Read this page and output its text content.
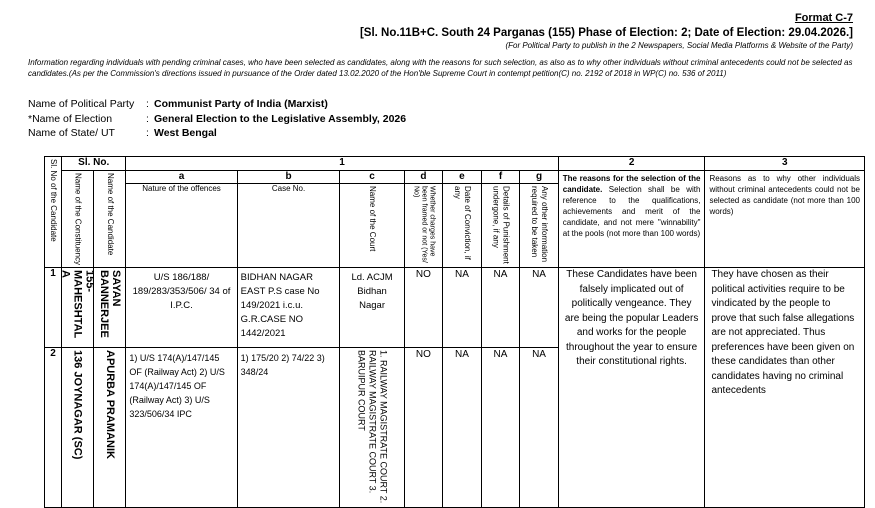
Format C-7
[Sl. No.11B+C. South 24 Parganas (155) Phase of Election: 2; Date of Election: 29.04.2026.]
(For Political Party to publish in the 2 Newspapers, Social Media Platforms & Website of the Party)
Information regarding individuals with pending criminal cases, who have been selected as candidates, along with the reasons for such selection, as also as to why other individuals without criminal antecedents could not be selected as candidates.(As per the Commission's directions issued in pursuance of the Order dated 13.02.2020 of the Hon'ble Supreme Court in contempt petition(C) no. 2192 of 2018 in WP(C) no. 536 of 2011)
Name of Political Party : Communist Party of India (Marxist)
*Name of Election	: General Election to the Legislative Assembly, 2026
Name of State/ UT	: West Bengal
Sl. No of the Candidate	Sl. No.		1							2	3

	Name of the Constituency	Name of the Candidate	a	b	c	d	e	f	g	The reasons for the selection of the candidate. Selection shall be with reference to the qualifications, achievements and merit of the candidate, and not mere "winnability" at the pools (not more than 100 words)	Reasons as to why other individuals without criminal antecedents could not be selected as candidate (not more than 100 words)
			Nature of the offences	Case No.	Name of the Court	Whether charges have been framed or not (Yes/ No)	Date of Conviction, if any	Details of Punishment undergone, if any	Any other information required to be taken		

1	155- MAHESHTAL A	SAYAN BANNERJEE	U/S 186/188/ 189/283/353/506/ 34 of I.P.C.	BIDHAN NAGAR EAST P.S case No 149/2021 i.c.u. G.R.CASE NO 1442/2021	Ld. ACJM Bidhan Nagar	NO	NA	NA	NA	These Candidates have been falsely implicated out of politically vengeance. They are being the popular Leaders and works for the people throughout the year to ensure their constitutional rights.	They have chosen as their political activities require to be vindicated by the people to prove that such false allegations are not appreciated. Thus preferences have been given on these candidates than other candidates having no criminal antecedents
2	136 JOYNAGAR (SC)	APURBA PRAMANIK	1) U/S 174(A)/147/145 OF (Railway Act) 2) U/S 174(A)/147/145 OF (Railway Act) 3) U/S 323/506/34 IPC	1) 175/20 2) 74/22 3) 348/24	1. RAILWAY MAGISTRATE COURT 2. RAILWAY MAGISTRATE COURT 3. BARUIPUR COURT	NO	NA	NA	NA		
